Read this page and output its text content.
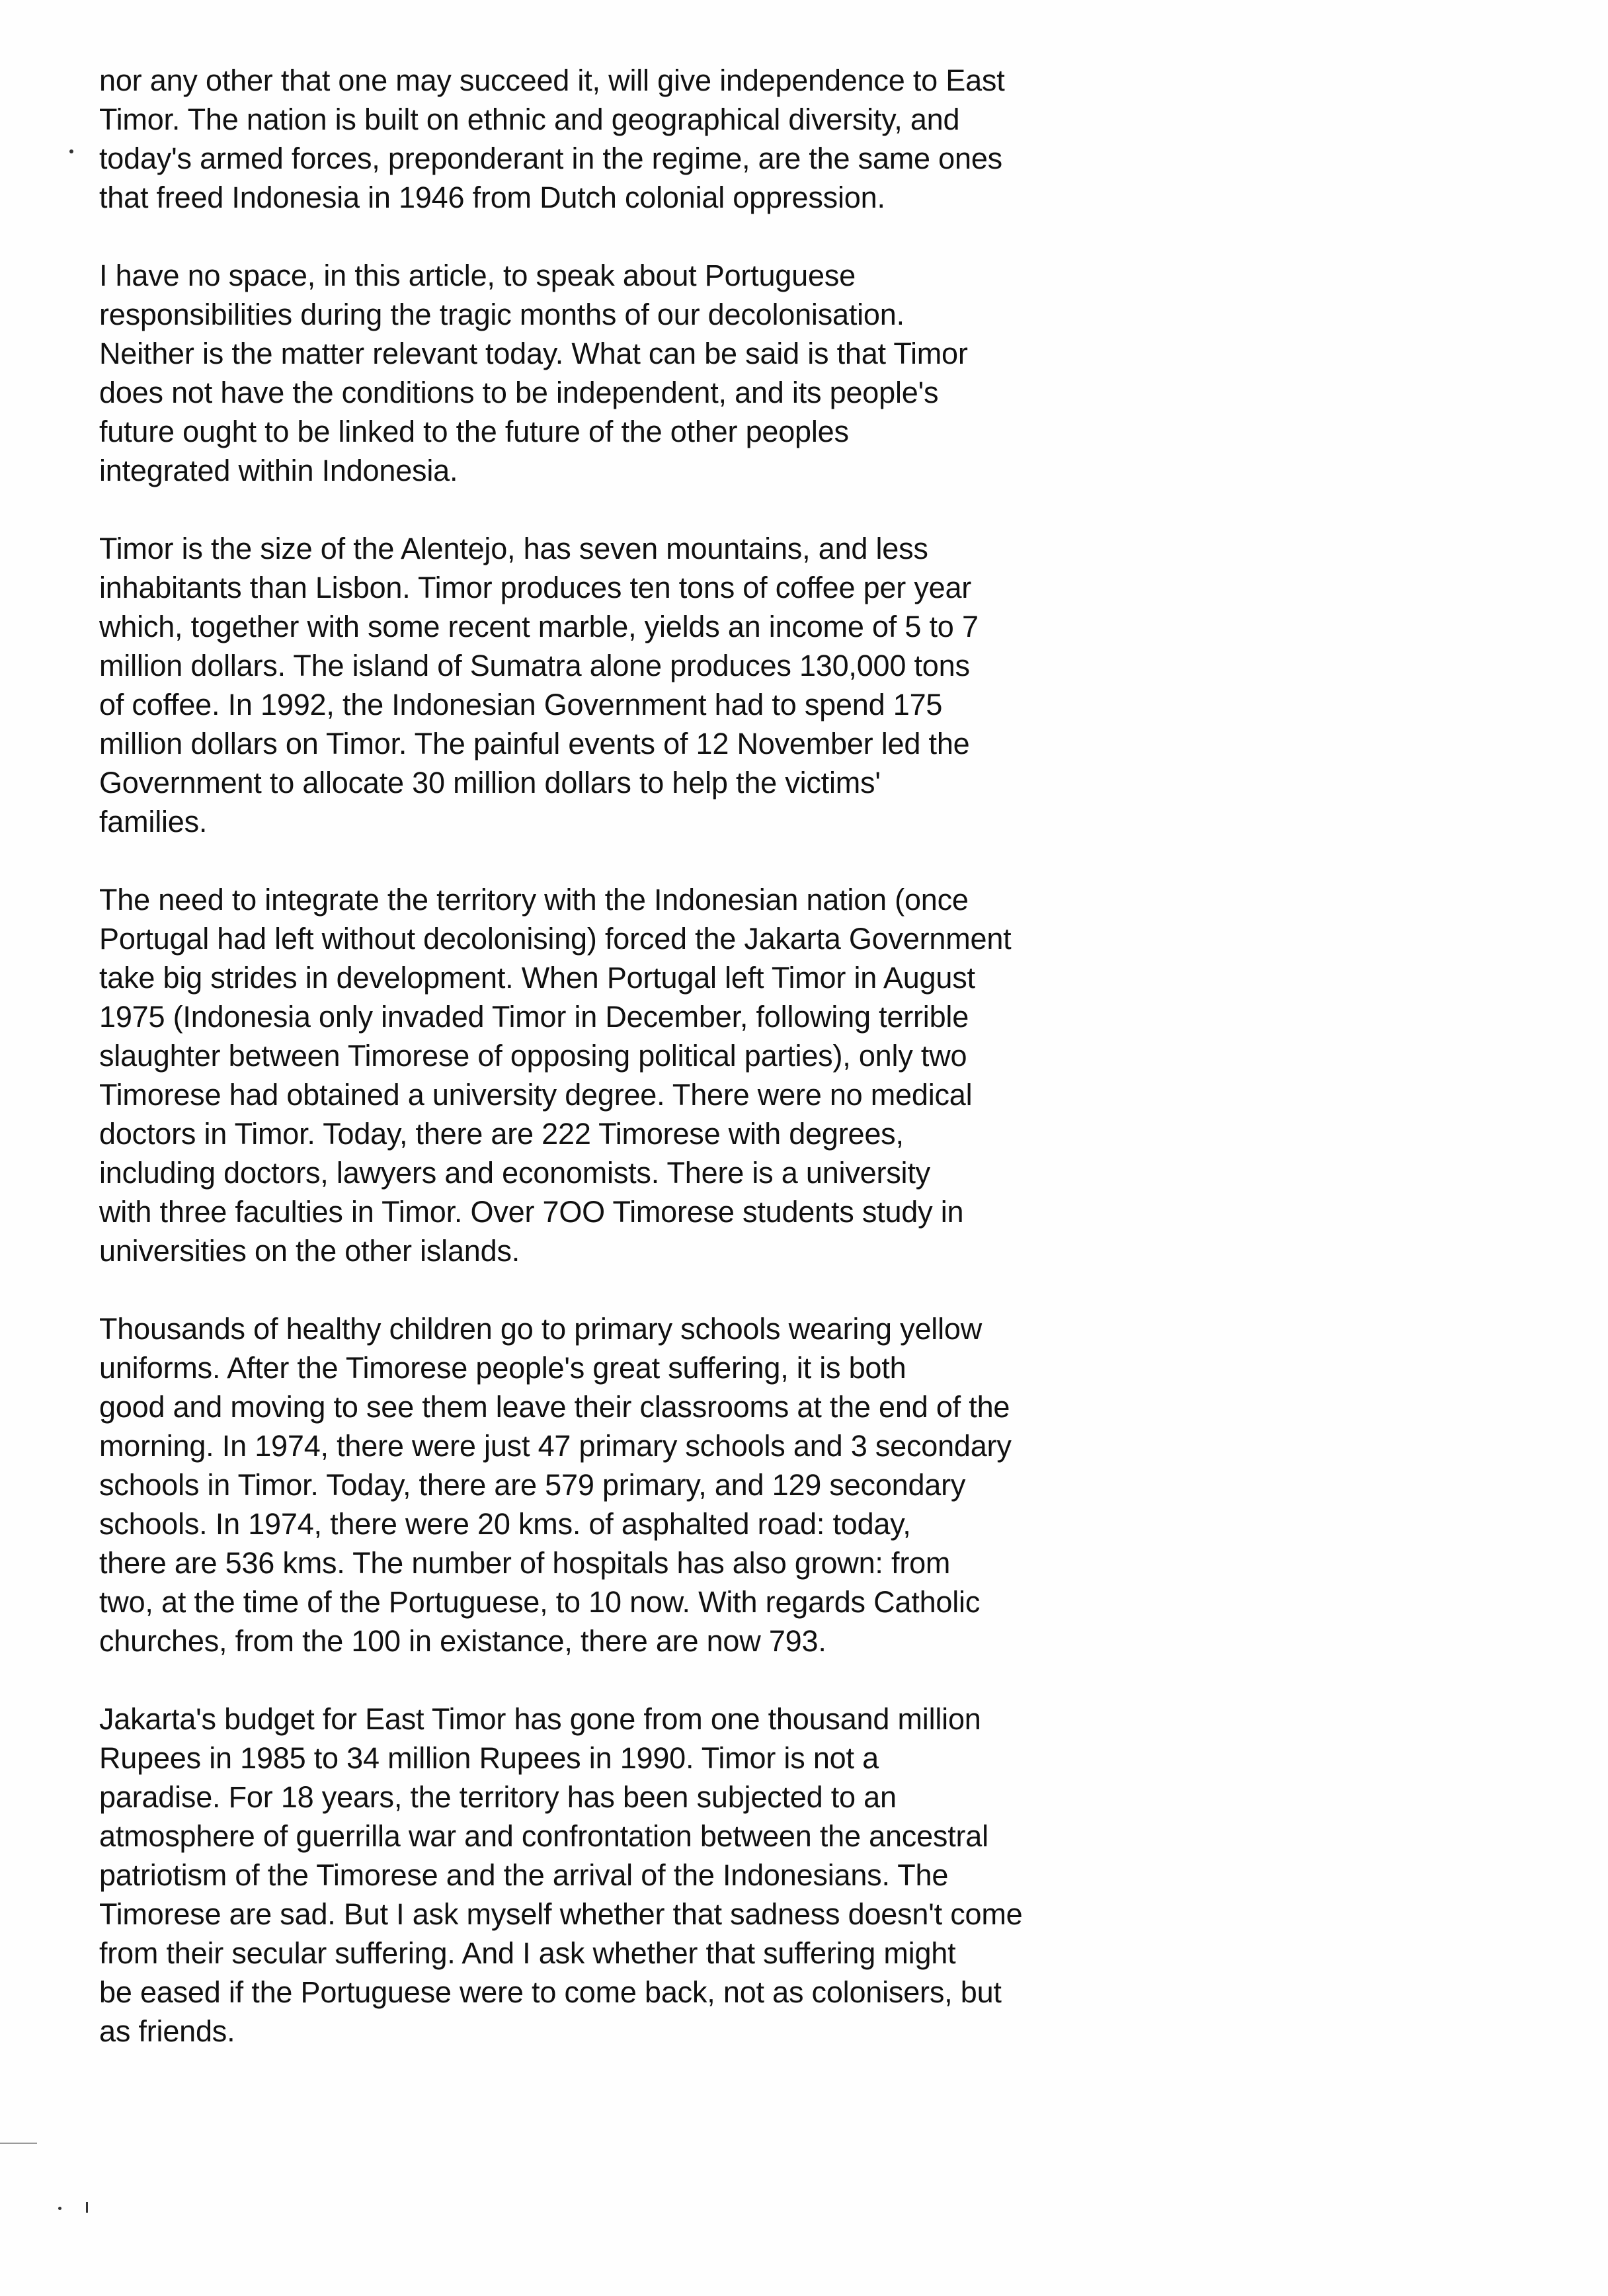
nor any other that one may succeed it, will give independence to East
Timor. The nation is built on ethnic and geographical diversity, and
today's armed forces, preponderant in the regime, are the same ones
that freed Indonesia in 1946 from Dutch colonial oppression.
I have no space, in this article, to speak about Portuguese
responsibilities during the tragic months of our decolonisation.
Neither is the matter relevant today. What can be said is that Timor
does not have the conditions to be independent, and its people's
future ought to be linked to the future of the other peoples
integrated within Indonesia.
Timor is the size of the Alentejo, has seven mountains, and less
inhabitants than Lisbon. Timor produces ten tons of coffee per year
which, together with some recent marble, yields an income of 5 to 7
million dollars. The island of Sumatra alone produces 130,000 tons
of coffee. In 1992, the Indonesian Government had to spend 175
million dollars on Timor. The painful events of 12 November led the
Government to allocate 30 million dollars to help the victims'
families.
The need to integrate the territory with the Indonesian nation (once
Portugal had left without decolonising) forced the Jakarta Government
take big strides in development. When Portugal left Timor in August
1975 (Indonesia only invaded Timor in December, following terrible
slaughter between Timorese of opposing political parties), only two
Timorese had obtained a university degree. There were no medical
doctors in Timor. Today, there are 222 Timorese with degrees,
including doctors, lawyers and economists. There is a university
with three faculties in Timor. Over 7OO Timorese students study in
universities on the other islands.
Thousands of healthy children go to primary schools wearing yellow
uniforms. After the Timorese people's great suffering, it is both
good and moving to see them leave their classrooms at the end of the
morning. In 1974, there were just 47 primary schools and 3 secondary
schools in Timor. Today, there are 579 primary, and 129 secondary
schools. In 1974, there were 20 kms. of asphalted road: today,
there are 536 kms. The number of hospitals has also grown: from
two, at the time of the Portuguese, to 10 now. With regards Catholic
churches, from the 100 in existance, there are now 793.
Jakarta's budget for East Timor has gone from one thousand million
Rupees in 1985 to 34 million Rupees in 1990. Timor is not a
paradise. For 18 years, the territory has been subjected to an
atmosphere of guerrilla war and confrontation between the ancestral
patriotism of the Timorese and the arrival of the Indonesians. The
Timorese are sad. But I ask myself whether that sadness doesn't come
from their secular suffering. And I ask whether that suffering might
be eased if the Portuguese were to come back, not as colonisers, but
as friends.
